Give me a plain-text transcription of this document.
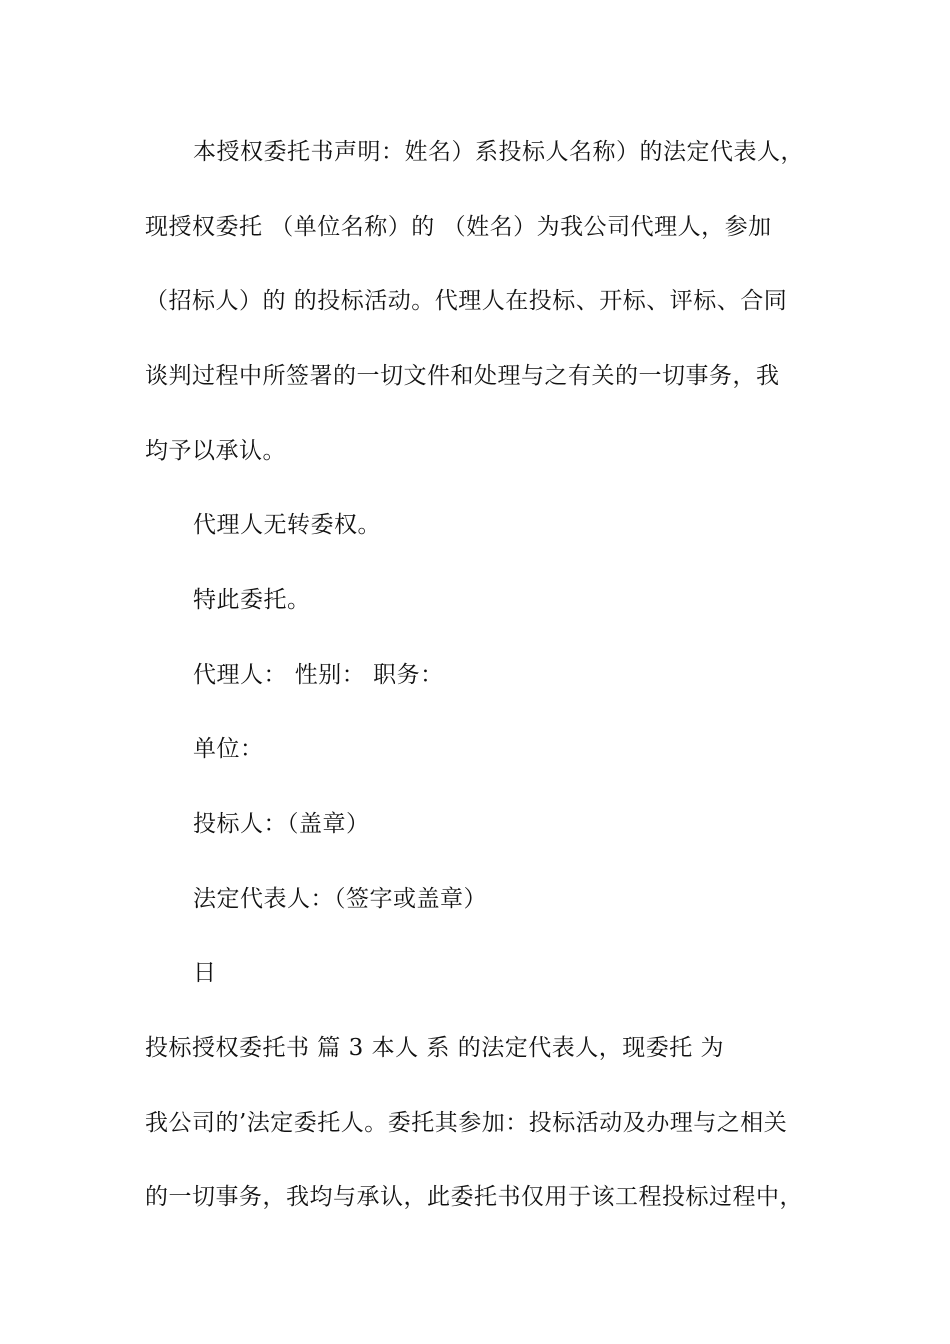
本授权委托书声明：姓名）系投标人名称）的法定代表人，
现授权委托 （单位名称）的 （姓名）为我公司代理人，参加
（招标人）的 的投标活动。代理人在投标、开标、评标、合同
谈判过程中所签署的一切文件和处理与之有关的一切事务，我
均予以承认。
代理人无转委权。
特此委托。
代理人： 性别： 职务：
单位：
投标人：（盖章）
法定代表人：（签字或盖章）
日
投标授权委托书 篇 3 本人 系 的法定代表人，现委托 为
我公司的’法定委托人。委托其参加：投标活动及办理与之相关
的一切事务，我均与承认，此委托书仅用于该工程投标过程中，
